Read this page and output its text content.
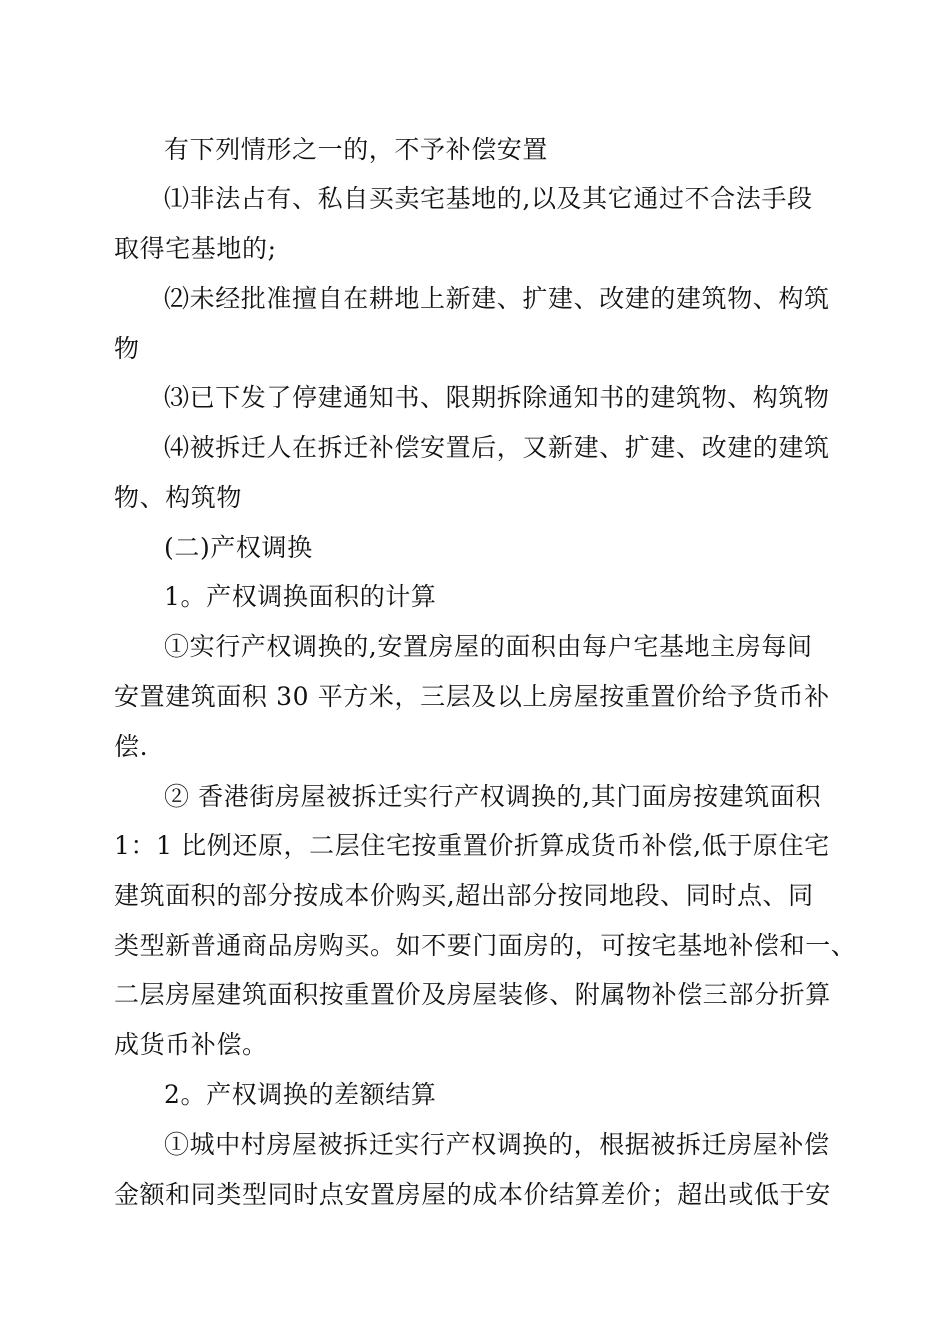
有下列情形之一的，不予补偿安置
⑴非法占有、私自买卖宅基地的,以及其它通过不合法手段
取得宅基地的;
⑵未经批准擅自在耕地上新建、扩建、改建的建筑物、构筑
物
⑶已下发了停建通知书、限期拆除通知书的建筑物、构筑物
⑷被拆迁人在拆迁补偿安置后，又新建、扩建、改建的建筑
物、构筑物
(二)产权调换
1。产权调换面积的计算
①实行产权调换的,安置房屋的面积由每户宅基地主房每间
安置建筑面积 30 平方米，三层及以上房屋按重置价给予货币补
偿.
② 香港街房屋被拆迁实行产权调换的,其门面房按建筑面积
1：1 比例还原，二层住宅按重置价折算成货币补偿,低于原住宅
建筑面积的部分按成本价购买,超出部分按同地段、同时点、同
类型新普通商品房购买。如不要门面房的，可按宅基地补偿和一、
二层房屋建筑面积按重置价及房屋装修、附属物补偿三部分折算
成货币补偿。
2。产权调换的差额结算
①城中村房屋被拆迁实行产权调换的，根据被拆迁房屋补偿
金额和同类型同时点安置房屋的成本价结算差价；超出或低于安
